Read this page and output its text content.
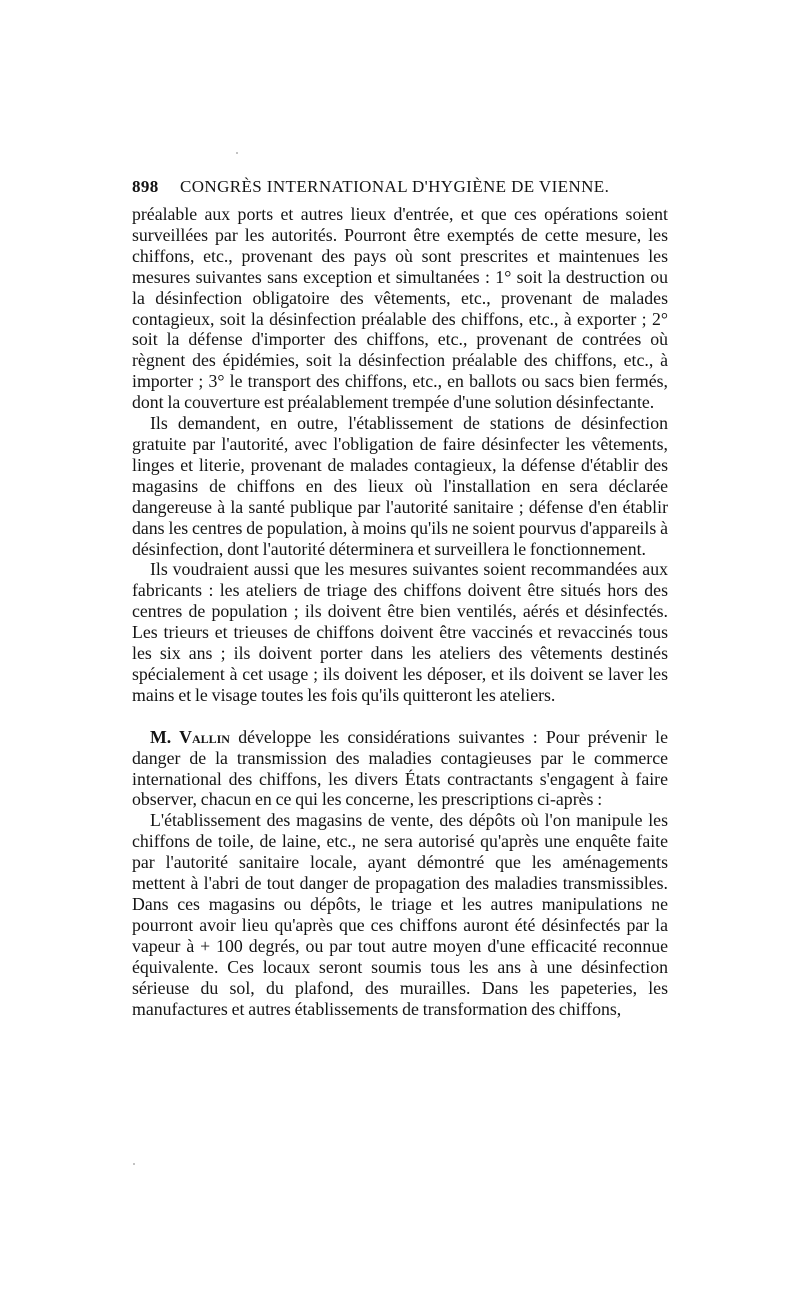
898	CONGRÈS INTERNATIONAL D'HYGIÈNE DE VIENNE.

préalable aux ports et autres lieux d'entrée, et que ces opérations soient surveillées par les autorités. Pourront être exemptés de cette mesure, les chiffons, etc., provenant des pays où sont prescrites et maintenues les mesures suivantes sans exception et simultanées : 1° soit la destruction ou la désinfection obligatoire des vêtements, etc., provenant de malades contagieux, soit la désinfection préalable des chiffons, etc., à exporter ; 2° soit la défense d'importer des chiffons, etc., provenant de contrées où règnent des épidémies, soit la désinfection préalable des chiffons, etc., à importer ; 3° le transport des chiffons, etc., en ballots ou sacs bien fermés, dont la couverture est préalablement trempée d'une solution désinfectante.

Ils demandent, en outre, l'établissement de stations de désinfection gratuite par l'autorité, avec l'obligation de faire désinfecter les vêtements, linges et literie, provenant de malades contagieux, la défense d'établir des magasins de chiffons en des lieux où l'installation en sera déclarée dangereuse à la santé publique par l'autorité sanitaire ; défense d'en établir dans les centres de population, à moins qu'ils ne soient pourvus d'appareils à désinfection, dont l'autorité déterminera et surveillera le fonctionnement.

Ils voudraient aussi que les mesures suivantes soient recommandées aux fabricants : les ateliers de triage des chiffons doivent être situés hors des centres de population ; ils doivent être bien ventilés, aérés et désinfectés. Les trieurs et trieuses de chiffons doivent être vaccinés et revaccinés tous les six ans ; ils doivent porter dans les ateliers des vêtements destinés spécialement à cet usage ; ils doivent les déposer, et ils doivent se laver les mains et le visage toutes les fois qu'ils quitteront les ateliers.

M. Vallin développe les considérations suivantes : Pour prévenir le danger de la transmission des maladies contagieuses par le commerce international des chiffons, les divers États contractants s'engagent à faire observer, chacun en ce qui les concerne, les prescriptions ci-après :

L'établissement des magasins de vente, des dépôts où l'on manipule les chiffons de toile, de laine, etc., ne sera autorisé qu'après une enquête faite par l'autorité sanitaire locale, ayant démontré que les aménagements mettent à l'abri de tout danger de propagation des maladies transmissibles. Dans ces magasins ou dépôts, le triage et les autres manipulations ne pourront avoir lieu qu'après que ces chiffons auront été désinfectés par la vapeur à + 100 degrés, ou par tout autre moyen d'une efficacité reconnue équivalente. Ces locaux seront soumis tous les ans à une désinfection sérieuse du sol, du plafond, des murailles. Dans les papeteries, les manufactures et autres établissements de transformation des chiffons,
